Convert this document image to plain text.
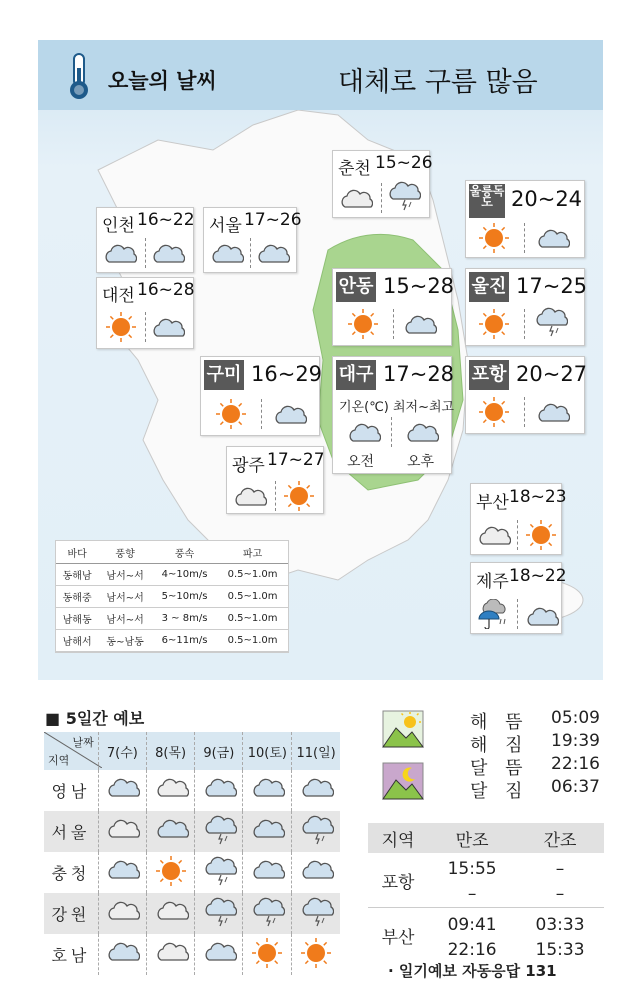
오늘의 날씨	대체로 구름 많음
춘천 15~26
인천 16~22 서울 17~26
울릉독도 20~24
대전 16~28	안동 15~28 울진 17~25
구미 16~29 대구 17~28
기온(℃) 최저~최고
오전 오후
포항 20~27
광주 17~27
부산 18~23
제주 18~22
바다	풍향	풍속	파고
동해남	남서~서	4~10m/s	0.5~1.0m
동해중	남서~서	5~10m/s	0.5~1.0m
남해동	남서~서	3 ~ 8m/s	0.5~1.0m
남해서	동~남동	6~11m/s	0.5~1.0m
■ 5일간 예보
날짜
지역	7(수)	8(목)	9(금)	10(토)	11(일)
영남					
서울					
충청					
강원					
호남					
해 뜸 05:09
해 짐 19:39
달 뜸 22:16
달 짐 06:37
지역	만조	간조
포항	15:55	–
	–	–
부산	09:41	03:33
	22:16	15:33
· 일기예보 자동응답 131
